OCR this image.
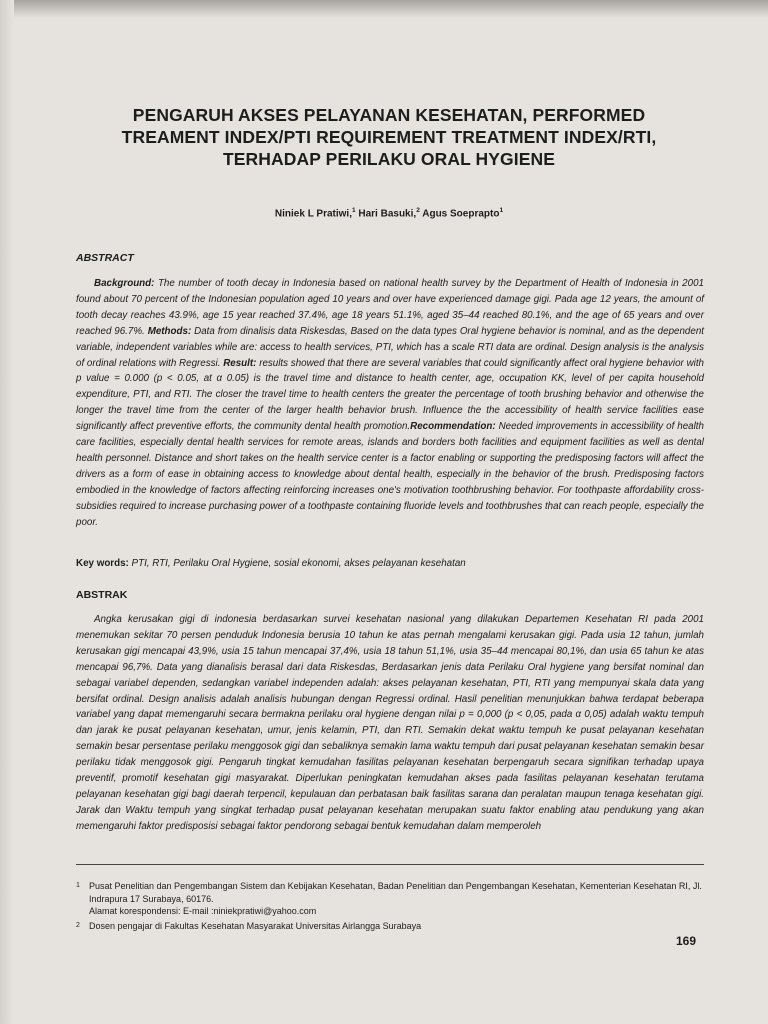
PENGARUH AKSES PELAYANAN KESEHATAN, PERFORMED
TREAMENT INDEX/PTI REQUIREMENT TREATMENT INDEX/RTI,
TERHADAP PERILAKU ORAL HYGIENE
Niniek L Pratiwi,$^1$ Hari Basuki,$^2$ Agus Soeprapto$^1$
ABSTRACT

Background: The number of tooth decay in Indonesia based on national health survey by the Department of Health of Indonesia in 2001 found about 70 percent of the Indonesian population aged 10 years and over have experienced damage gigi. Pada age 12 years, the amount of tooth decay reaches 43.9%, age 15 year reached 37.4%, age 18 years 51.1%, aged 35–44 reached 80.1%, and the age of 65 years and over reached 96.7%. Methods: Data from dinalisis data Riskesdas, Based on the data types Oral hygiene behavior is nominal, and as the dependent variable, independent variables while are: access to health services, PTI, which has a scale RTI data are ordinal. Design analysis is the analysis of ordinal relations with Regressi. Result: results showed that there are several variables that could significantly affect oral hygiene behavior with p value = 0.000 (p < 0.05, at α 0.05) is the travel time and distance to health center, age, occupation KK, level of per capita household expenditure, PTI, and RTI. The closer the travel time to health centers the greater the percentage of tooth brushing behavior and otherwise the longer the travel time from the center of the larger health behavior brush. Influence the the accessibility of health service facilities ease significantly affect preventive efforts, the community dental health promotion.Recommendation: Needed improvements in accessibility of health care facilities, especially dental health services for remote areas, islands and borders both facilities and equipment facilities as well as dental health personnel. Distance and short takes on the health service center is a factor enabling or supporting the predisposing factors will affect the drivers as a form of ease in obtaining access to knowledge about dental health, especially in the behavior of the brush. Predisposing factors embodied in the knowledge of factors affecting reinforcing increases one's motivation toothbrushing behavior. For toothpaste affordability cross-subsidies required to increase purchasing power of a toothpaste containing fluoride levels and toothbrushes that can reach people, especially the poor.

Key words: PTI, RTI, Perilaku Oral Hygiene, sosial ekonomi, akses pelayanan kesehatan
ABSTRAK

Angka kerusakan gigi di indonesia berdasarkan survei kesehatan nasional yang dilakukan Departemen Kesehatan RI pada 2001 menemukan sekitar 70 persen penduduk Indonesia berusia 10 tahun ke atas pernah mengalami kerusakan gigi. Pada usia 12 tahun, jumlah kerusakan gigi mencapai 43,9%, usia 15 tahun mencapai 37,4%, usia 18 tahun 51,1%, usia 35–44 mencapai 80,1%, dan usia 65 tahun ke atas mencapai 96,7%. Data yang dianalisis berasal dari data Riskesdas, Berdasarkan jenis data Perilaku Oral hygiene yang bersifat nominal dan sebagai variabel dependen, sedangkan variabel independen adalah: akses pelayanan kesehatan, PTI, RTI yang mempunyai skala data yang bersifat ordinal. Design analisis adalah analisis hubungan dengan Regressi ordinal. Hasil penelitian menunjukkan bahwa terdapat beberapa variabel yang dapat memengaruhi secara bermakna perilaku oral hygiene dengan nilai p = 0,000 (p < 0,05, pada α 0,05) adalah waktu tempuh dan jarak ke pusat pelayanan kesehatan, umur, jenis kelamin, PTI, dan RTI. Semakin dekat waktu tempuh ke pusat pelayanan kesehatan semakin besar persentase perilaku menggosok gigi dan sebaliknya semakin lama waktu tempuh dari pusat pelayanan kesehatan semakin besar perilaku tidak menggosok gigi. Pengaruh tingkat kemudahan fasilitas pelayanan kesehatan berpengaruh secara signifikan terhadap upaya preventif, promotif kesehatan gigi masyarakat. Diperlukan peningkatan kemudahan akses pada fasilitas pelayanan kesehatan terutama pelayanan kesehatan gigi bagi daerah terpencil, kepulauan dan perbatasan baik fasilitas sarana dan peralatan maupun tenaga kesehatan gigi. Jarak dan Waktu tempuh yang singkat terhadap pusat pelayanan kesehatan merupakan suatu faktor enabling atau pendukung yang akan memengaruhi faktor predisposisi sebagai faktor pendorong sebagai bentuk kemudahan dalam memperoleh

1 Pusat Penelitian dan Pengembangan Sistem dan Kebijakan Kesehatan, Badan Penelitian dan Pengembangan Kesehatan, Kementerian Kesehatan RI, Jl. Indrapura 17 Surabaya, 60176.
Alamat korespondensi: E-mail :niniekpratiwi@yahoo.com
2 Dosen pengajar di Fakultas Kesehatan Masyarakat Universitas Airlangga Surabaya
169
